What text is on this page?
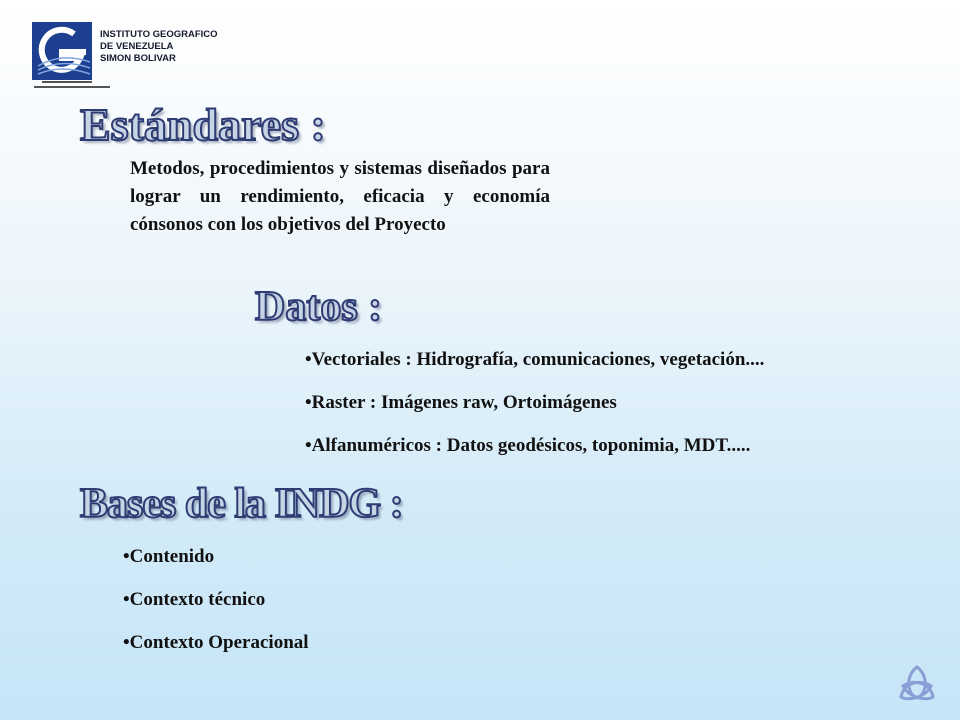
INSTITUTO GEOGRAFICO
DE VENEZUELA
SIMON BOLIVAR
Estándares :

Metodos, procedimientos y sistemas diseñados para lograr un rendimiento, eficacia y economía cónsonos con los objetivos del Proyecto

Datos :
•Vectoriales : Hidrografía, comunicaciones, vegetación....
•Raster : Imágenes raw, Ortoimágenes
•Alfanuméricos : Datos geodésicos, toponimia, MDT.....
Bases de la INDG :
•Contenido
•Contexto técnico
•Contexto Operacional
